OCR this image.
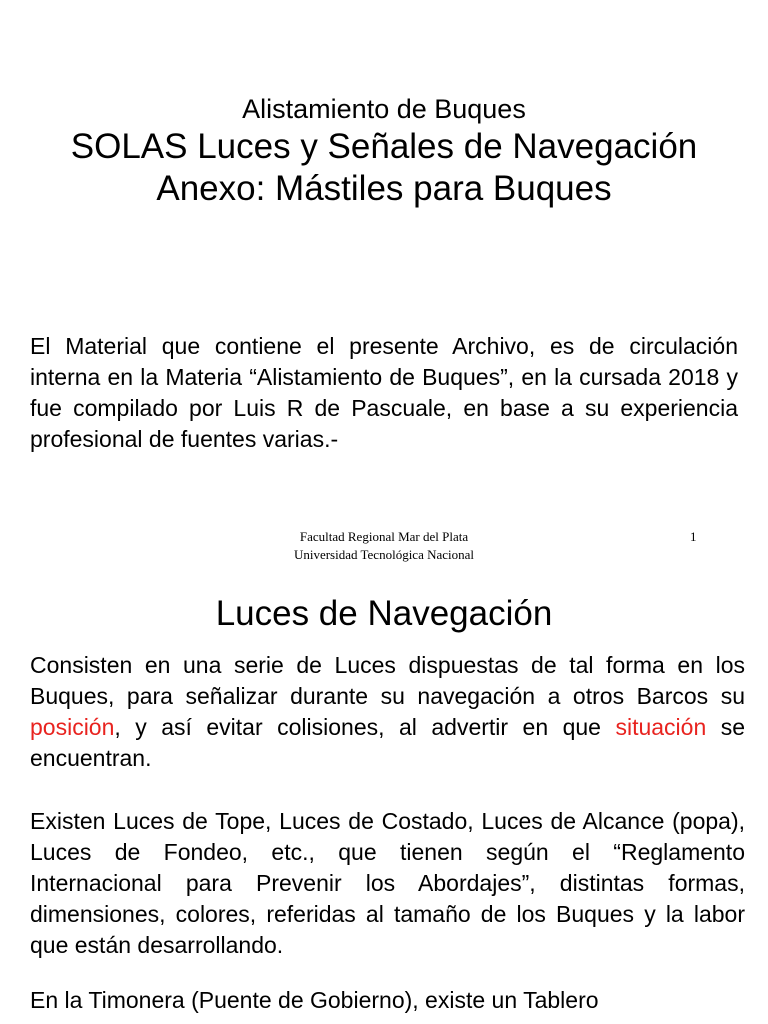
Alistamiento de Buques
SOLAS Luces y Señales de Navegación
Anexo: Mástiles para Buques
El Material que contiene el presente Archivo, es de circulación interna en la Materia “Alistamiento de Buques”, en la cursada 2018 y fue compilado por Luis R de Pascuale, en base a su experiencia profesional de fuentes varias.-
Facultad Regional Mar del Plata
Universidad Tecnológica Nacional
1
Luces de Navegación
Consisten en una serie de Luces dispuestas de tal forma en los Buques, para señalizar durante su navegación a otros Barcos su posición, y así evitar colisiones, al advertir en que situación se encuentran.
Existen Luces de Tope, Luces de Costado, Luces de Alcance (popa), Luces de Fondeo, etc., que tienen según el “Reglamento Internacional para Prevenir los Abordajes”, distintas formas, dimensiones, colores, referidas al tamaño de los Buques y la labor que están desarrollando.
En la Timonera (Puente de Gobierno), existe un Tablero
